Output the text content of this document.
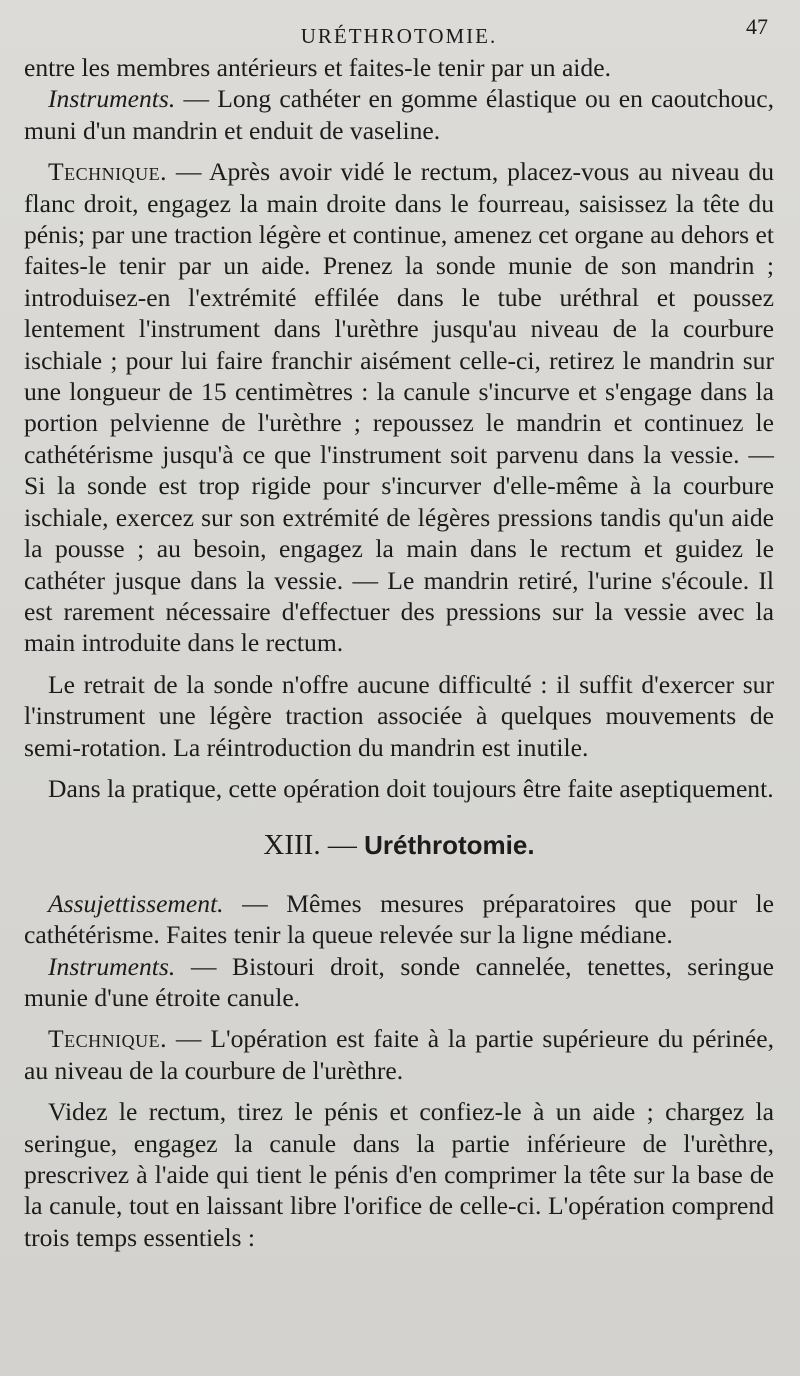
URÉTHROTOMIE.	47

entre les membres antérieurs et faites-le tenir par un aide.

Instruments. — Long cathéter en gomme élastique ou en caoutchouc, muni d'un mandrin et enduit de vaseline.

Technique. — Après avoir vidé le rectum, placez-vous au niveau du flanc droit, engagez la main droite dans le fourreau, saisissez la tête du pénis; par une traction légère et continue, amenez cet organe au dehors et faites-le tenir par un aide. Prenez la sonde munie de son mandrin ; introduisez-en l'extrémité effilée dans le tube uréthral et poussez lentement l'instrument dans l'urèthre jusqu'au niveau de la courbure ischiale ; pour lui faire franchir aisément celle-ci, retirez le mandrin sur une longueur de 15 centimètres : la canule s'incurve et s'engage dans la portion pelvienne de l'urèthre ; repoussez le mandrin et continuez le cathétérisme jusqu'à ce que l'instrument soit parvenu dans la vessie. — Si la sonde est trop rigide pour s'incurver d'elle-même à la courbure ischiale, exercez sur son extrémité de légères pressions tandis qu'un aide la pousse ; au besoin, engagez la main dans le rectum et guidez le cathéter jusque dans la vessie. — Le mandrin retiré, l'urine s'écoule. Il est rarement nécessaire d'effectuer des pressions sur la vessie avec la main introduite dans le rectum.

Le retrait de la sonde n'offre aucune difficulté : il suffit d'exercer sur l'instrument une légère traction associée à quelques mouvements de semi-rotation. La réintroduction du mandrin est inutile.

Dans la pratique, cette opération doit toujours être faite aseptiquement.

XIII. — Uréthrotomie.

Assujettissement. — Mêmes mesures préparatoires que pour le cathétérisme. Faites tenir la queue relevée sur la ligne médiane.

Instruments. — Bistouri droit, sonde cannelée, tenettes, seringue munie d'une étroite canule.

Technique. — L'opération est faite à la partie supérieure du périnée, au niveau de la courbure de l'urèthre.

Videz le rectum, tirez le pénis et confiez-le à un aide ; chargez la seringue, engagez la canule dans la partie inférieure de l'urèthre, prescrivez à l'aide qui tient le pénis d'en comprimer la tête sur la base de la canule, tout en laissant libre l'orifice de celle-ci. L'opération comprend trois temps essentiels :
